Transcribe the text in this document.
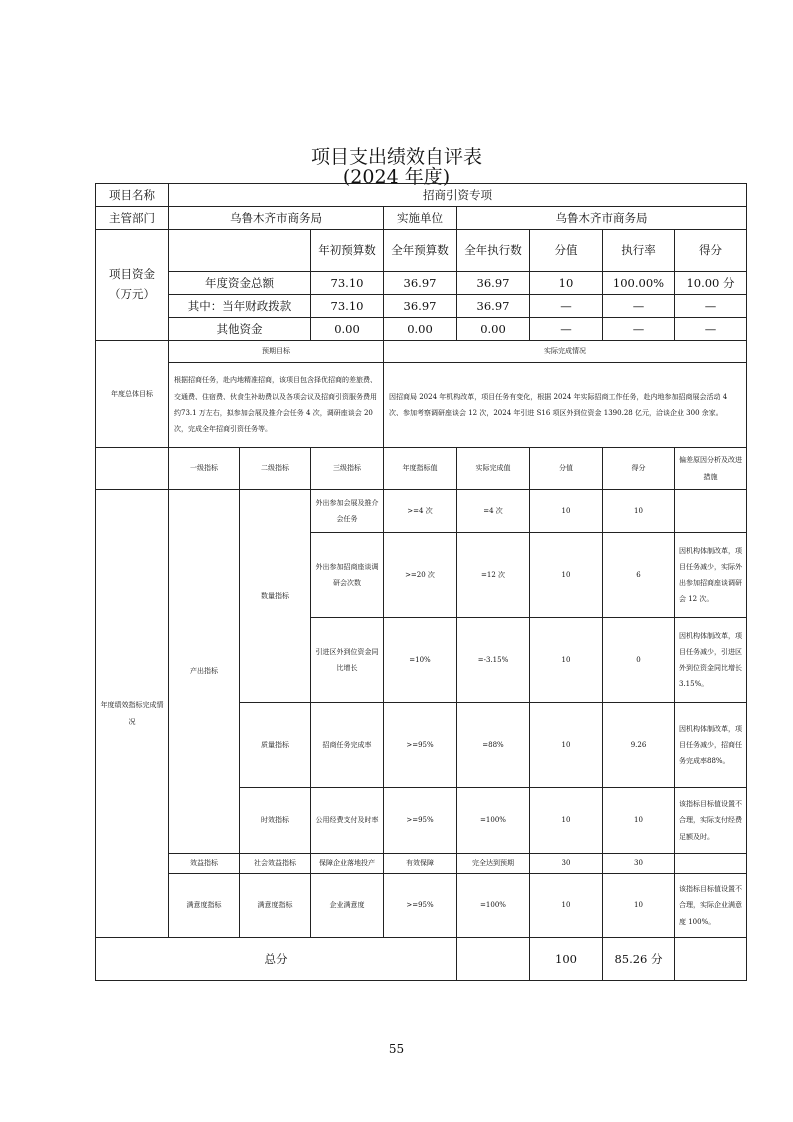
项目支出绩效自评表
(2024 年度)
项目名称	招商引资专项							
主管部门	乌鲁木齐市商务局			实施单位	乌鲁木齐市商务局			
项目资金
（万元）			年初预算数	全年预算数	全年执行数	分值	执行率	得分
	年度资金总额		73.10	36.97	36.97	10	100.00%	10.00 分
	其中：当年财政拨款		73.10	36.97	36.97	—	—	—
	其他资金		0.00	0.00	0.00	—	—	—
年度总体目标	预期目标			实际完成情况				
	根据招商任务，赴内地精准招商，该项目包含择优招商的差旅费、交通费、住宿费、伙食生补助费以及各项会议及招商引资服务费用约73.1 万左右，拟参加会展及推介会任务 4 次，调研座谈会 20 次，完成全年招商引资任务等。			因招商局 2024 年机构改革，项目任务有变化，根据 2024 年实际招商工作任务，赴内地参加招商展会活动 4 次、参加考察调研座谈会 12 次，2024 年引进 S16 项区外到位资金 1390.28 亿元，洽谈企业 300 余家。				
	一级指标	二级指标	三级指标	年度指标值	实际完成值	分值	得分	偏差原因分析及改进措施
年度绩效指标完成情况	产出指标	数量指标	外出参加会展及推介会任务	>=4 次	=4 次	10	10	
			外出参加招商座谈调研会次数	>=20 次	=12 次	10	6	因机构体制改革，项目任务减少，实际外出参加招商座谈调研会 12 次。
			引进区外到位资金同比增长	=10%	=-3.15%	10	0	因机构体制改革，项目任务减少，引进区外到位资金同比增长 3.15%。
		质量指标	招商任务完成率	>=95%	=88%	10	9.26	因机构体制改革，项目任务减少，招商任务完成率88%。
		时效指标	公用经费支付及时率	>=95%	=100%	10	10	该指标目标值设置不合理，实际支付经费足额及时。
	效益指标	社会效益指标	保障企业落地投产	有效保障	完全达到预期	30	30	
	满意度指标	满意度指标	企业满意度	>=95%	=100%	10	10	该指标目标值设置不合理，实际企业满意度 100%。
总分						100	85.26 分	
55
